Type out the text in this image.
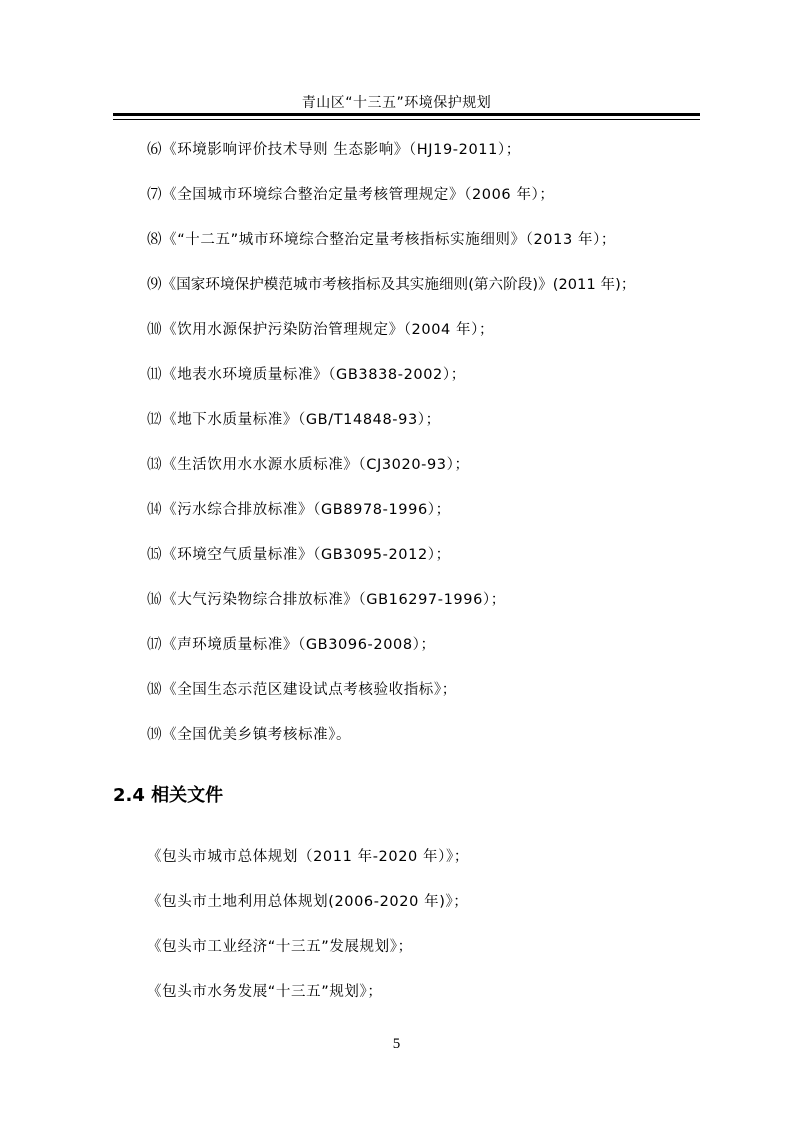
青山区“十三五”环境保护规划
⑹《环境影响评价技术导则 生态影响》（HJ19-2011）；
⑺《全国城市环境综合整治定量考核管理规定》（2006 年）；
⑻《“十二五”城市环境综合整治定量考核指标实施细则》（2013 年）；
⑼《国家环境保护模范城市考核指标及其实施细则(第六阶段)》(2011 年)；
⑽《饮用水源保护污染防治管理规定》（2004 年）；
⑾《地表水环境质量标准》（GB3838-2002）；
⑿《地下水质量标准》（GB/T14848-93）；
⒀《生活饮用水水源水质标准》（CJ3020-93）；
⒁《污水综合排放标准》（GB8978-1996）；
⒂《环境空气质量标准》（GB3095-2012）；
⒃《大气污染物综合排放标准》（GB16297-1996）；
⒄《声环境质量标准》（GB3096-2008）；
⒅《全国生态示范区建设试点考核验收指标》；
⒆《全国优美乡镇考核标准》。
2.4 相关文件
《包头市城市总体规划（2011 年-2020 年）》；
《包头市土地利用总体规划(2006-2020 年)》；
《包头市工业经济“十三五”发展规划》；
《包头市水务发展“十三五”规划》；
5
